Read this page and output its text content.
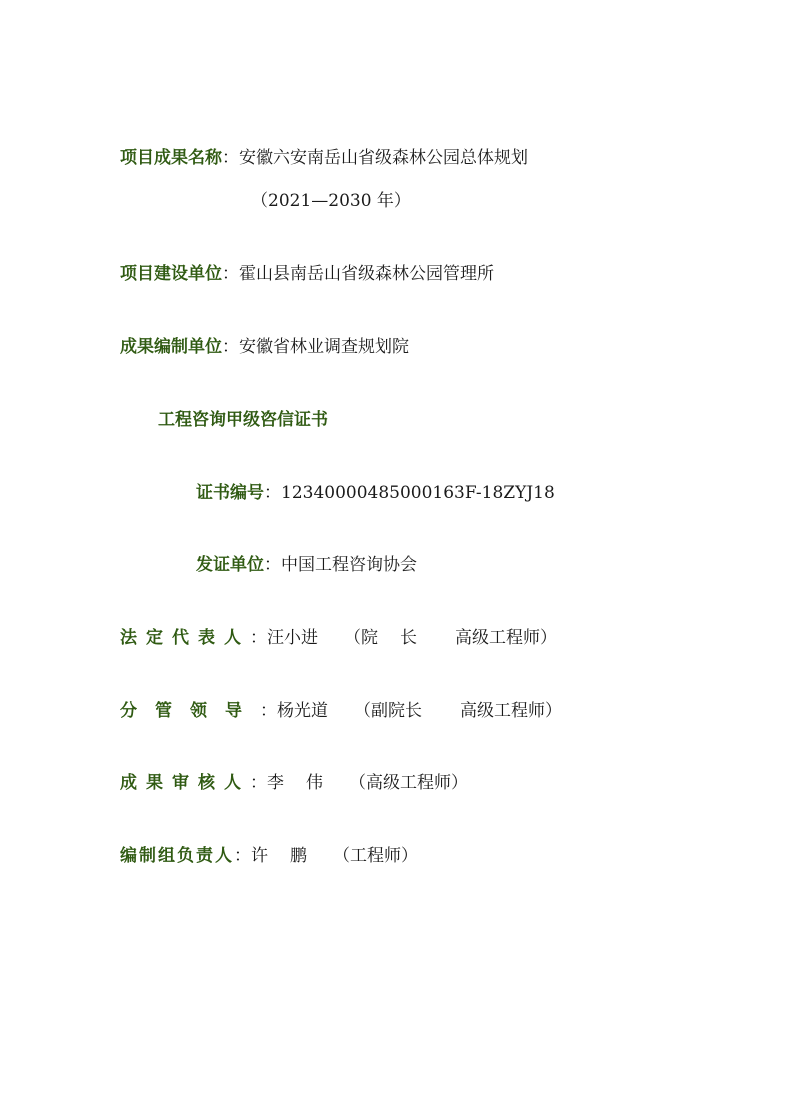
项目成果名称：安徽六安南岳山省级森林公园总体规划
（2021—2030 年）
项目建设单位：霍山县南岳山省级森林公园管理所
成果编制单位：安徽省林业调查规划院
工程咨询甲级咨信证书
证书编号：12340000485000163F-18ZYJ18
发证单位：中国工程咨询协会
法定代表人：汪小进 （院 长 高级工程师）
分管领导：杨光道 （副院长 高级工程师）
成果审核人：李 伟 （高级工程师）
编制组负责人：许 鹏 （工程师）
